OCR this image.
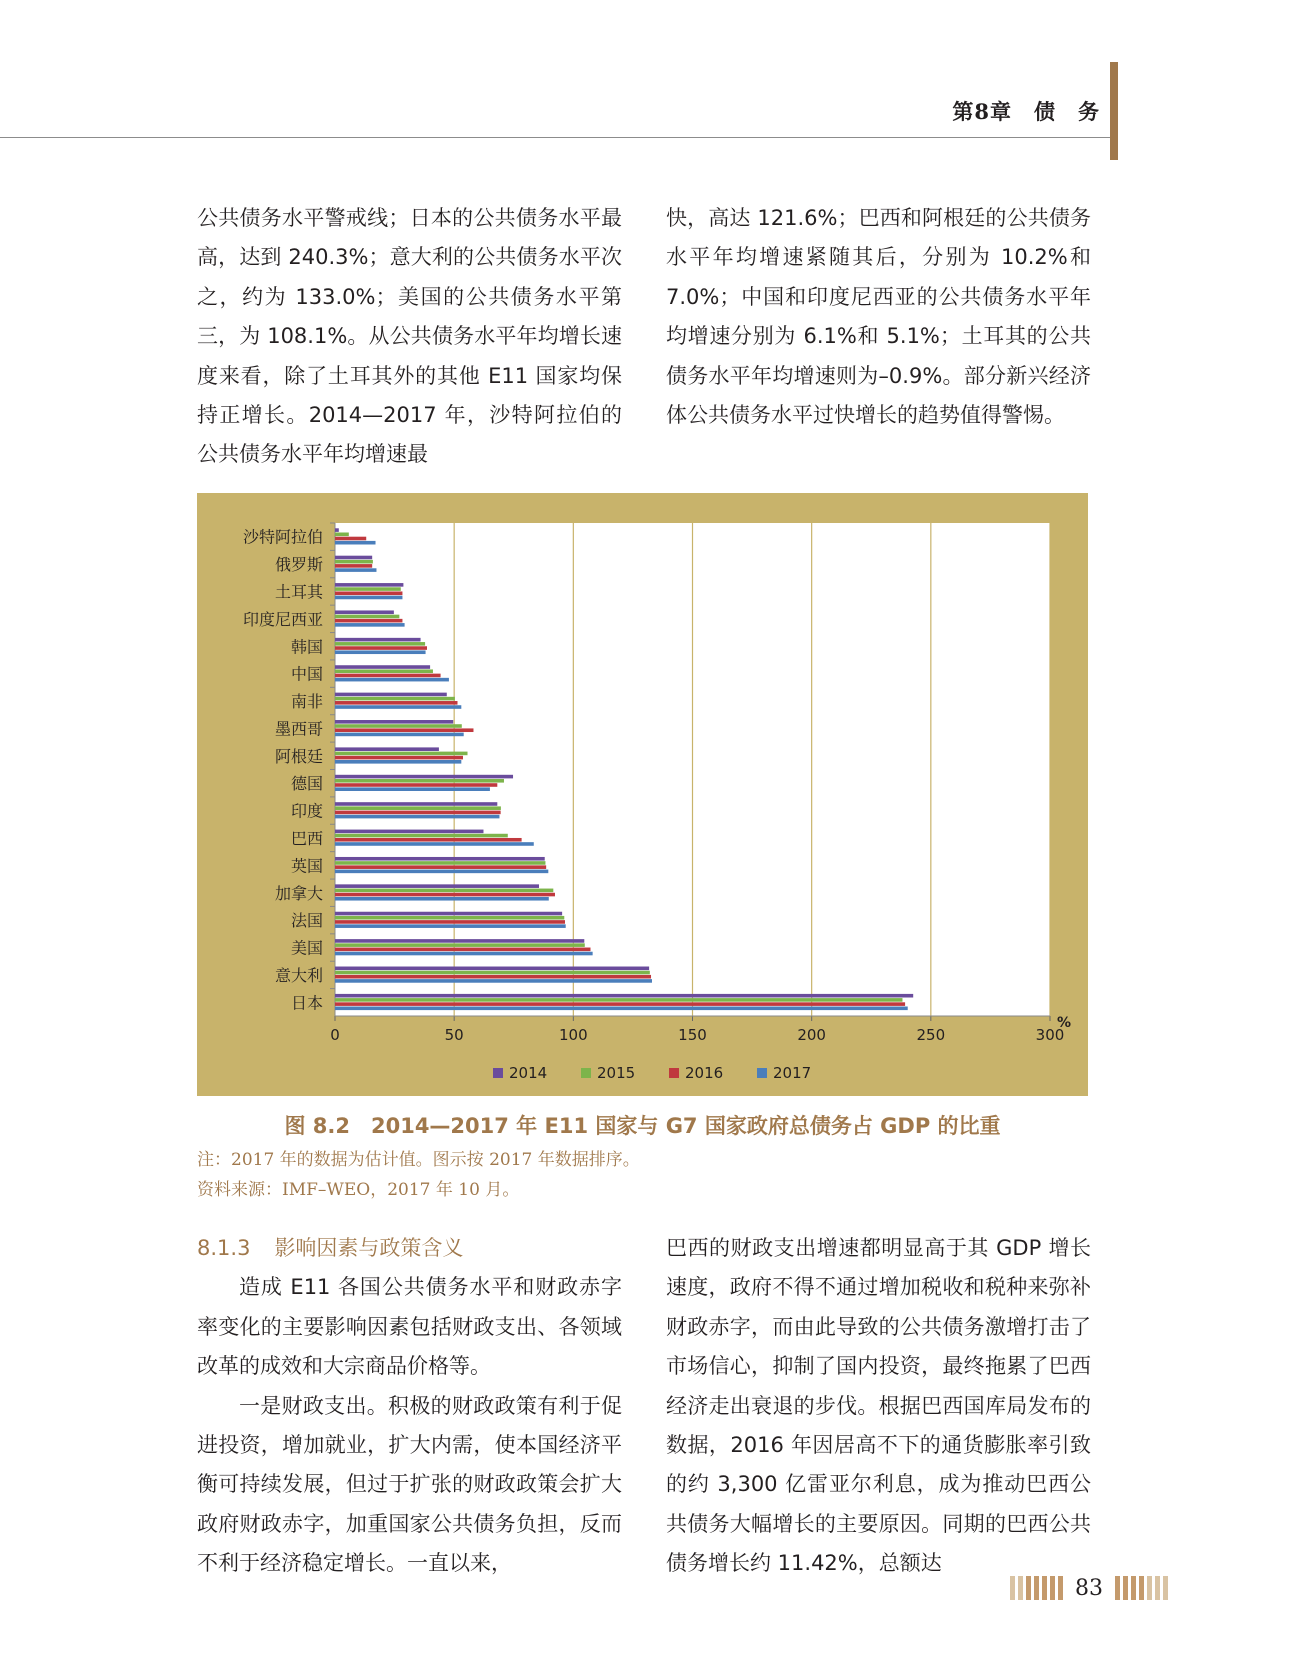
第8章 债　务

公共债务水平警戒线；日本的公共债务水平最高，达到 240.3%；意大利的公共债务水平次之，约为 133.0%；美国的公共债务水平第三，为 108.1%。从公共债务水平年均增长速度来看，除了土耳其外的其他 E11 国家均保持正增长。2014—2017 年，沙特阿拉伯的公共债务水平年均增速最

快，高达 121.6%；巴西和阿根廷的公共债务水平年均增速紧随其后，分别为 10.2%和 7.0%；中国和印度尼西亚的公共债务水平年均增速分别为 6.1%和 5.1%；土耳其的公共债务水平年均增速则为–0.9%。部分新兴经济体公共债务水平过快增长的趋势值得警惕。

0	50	100	150	200	250	300
%
沙特阿拉伯
俄罗斯
土耳其
印度尼西亚
韩国
中国
南非
墨西哥
阿根廷
德国
印度
巴西
英国
加拿大
法国
美国
意大利
日本
2014	2015	2016	2017
图 8.2　2014—2017 年 E11 国家与 G7 国家政府总债务占 GDP 的比重
注：2017 年的数据为估计值。图示按 2017 年数据排序。
资料来源：IMF–WEO，2017 年 10 月。
8.1.3 影响因素与政策含义

造成 E11 各国公共债务水平和财政赤字率变化的主要影响因素包括财政支出、各领域改革的成效和大宗商品价格等。

一是财政支出。积极的财政政策有利于促进投资，增加就业，扩大内需，使本国经济平衡可持续发展，但过于扩张的财政政策会扩大政府财政赤字，加重国家公共债务负担，反而不利于经济稳定增长。一直以来，

巴西的财政支出增速都明显高于其 GDP 增长速度，政府不得不通过增加税收和税种来弥补财政赤字，而由此导致的公共债务激增打击了市场信心，抑制了国内投资，最终拖累了巴西经济走出衰退的步伐。根据巴西国库局发布的数据，2016 年因居高不下的通货膨胀率引致的约 3,300 亿雷亚尔利息，成为推动巴西公共债务大幅增长的主要原因。同期的巴西公共债务增长约 11.42%，总额达

83
